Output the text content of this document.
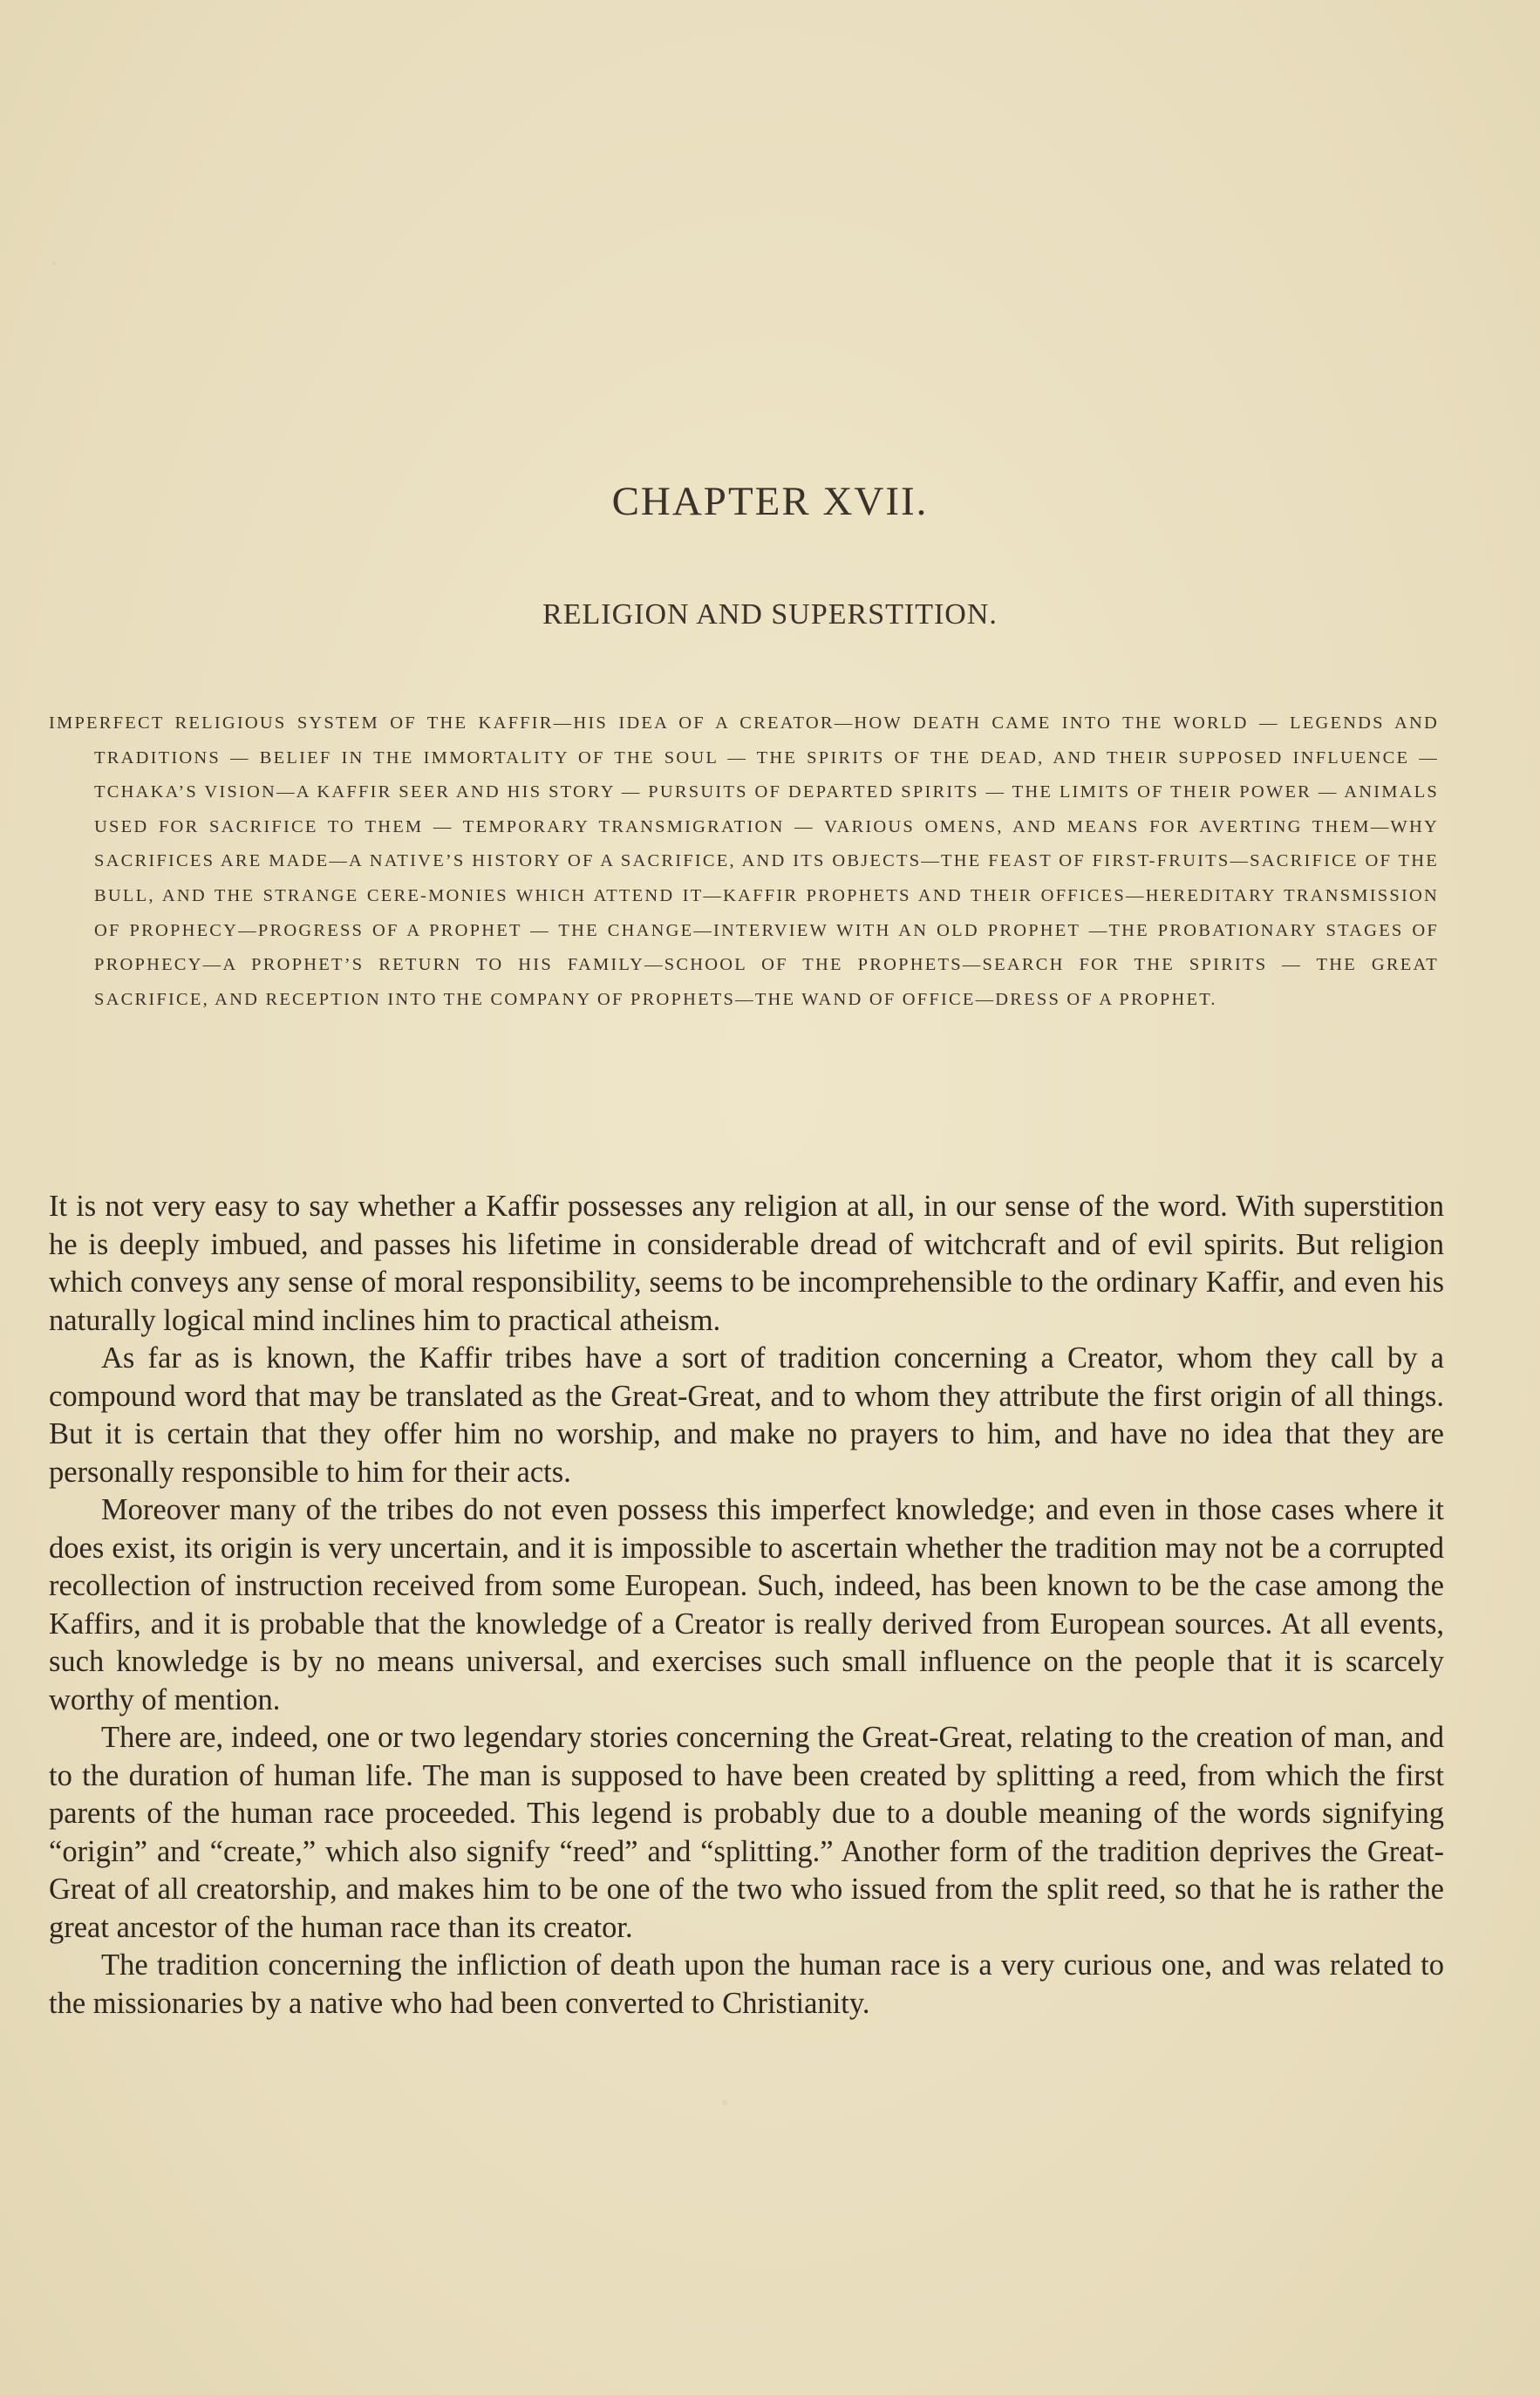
CHAPTER XVII.
RELIGION AND SUPERSTITION.
IMPERFECT RELIGIOUS SYSTEM OF THE KAFFIR—HIS IDEA OF A CREATOR—HOW DEATH CAME INTO THE WORLD — LEGENDS AND TRADITIONS — BELIEF IN THE IMMORTALITY OF THE SOUL — THE SPIRITS OF THE DEAD, AND THEIR SUPPOSED INFLUENCE — TCHAKA’S VISION—A KAFFIR SEER AND HIS STORY — PURSUITS OF DEPARTED SPIRITS — THE LIMITS OF THEIR POWER — ANIMALS USED FOR SACRIFICE TO THEM — TEMPORARY TRANSMIGRATION — VARIOUS OMENS, AND MEANS FOR AVERTING THEM—WHY SACRIFICES ARE MADE—A NATIVE’S HISTORY OF A SACRIFICE, AND ITS OBJECTS—THE FEAST OF FIRST-FRUITS—SACRIFICE OF THE BULL, AND THE STRANGE CERE-MONIES WHICH ATTEND IT—KAFFIR PROPHETS AND THEIR OFFICES—HEREDITARY TRANSMISSION OF PROPHECY—PROGRESS OF A PROPHET — THE CHANGE—INTERVIEW WITH AN OLD PROPHET —THE PROBATIONARY STAGES OF PROPHECY—A PROPHET’S RETURN TO HIS FAMILY—SCHOOL OF THE PROPHETS—SEARCH FOR THE SPIRITS — THE GREAT SACRIFICE, AND RECEPTION INTO THE COMPANY OF PROPHETS—THE WAND OF OFFICE—DRESS OF A PROPHET.

It is not very easy to say whether a Kaffir possesses any religion at all, in our sense of the word. With superstition he is deeply imbued, and passes his lifetime in considerable dread of witchcraft and of evil spirits. But religion which conveys any sense of moral responsibility, seems to be incomprehensible to the ordinary Kaffir, and even his naturally logical mind inclines him to practical atheism.

As far as is known, the Kaffir tribes have a sort of tradition concerning a Creator, whom they call by a compound word that may be translated as the Great-Great, and to whom they attribute the first origin of all things. But it is certain that they offer him no worship, and make no prayers to him, and have no idea that they are personally responsible to him for their acts.

Moreover many of the tribes do not even possess this imperfect knowledge; and even in those cases where it does exist, its origin is very uncertain, and it is impossible to ascertain whether the tradition may not be a corrupted recollection of instruction received from some European. Such, indeed, has been known to be the case among the Kaffirs, and it is probable that the knowledge of a Creator is really derived from European sources. At all events, such knowledge is by no means universal, and exercises such small influence on the people that it is scarcely worthy of mention.

There are, indeed, one or two legendary stories concerning the Great-Great, relating to the creation of man, and to the duration of human life. The man is supposed to have been created by splitting a reed, from which the first parents of the human race proceeded. This legend is probably due to a double meaning of the words signifying “origin” and “create,” which also signify “reed” and “splitting.” Another form of the tradition deprives the Great-Great of all creatorship, and makes him to be one of the two who issued from the split reed, so that he is rather the great ancestor of the human race than its creator.

The tradition concerning the infliction of death upon the human race is a very curious one, and was related to the missionaries by a native who had been converted to Christianity.
